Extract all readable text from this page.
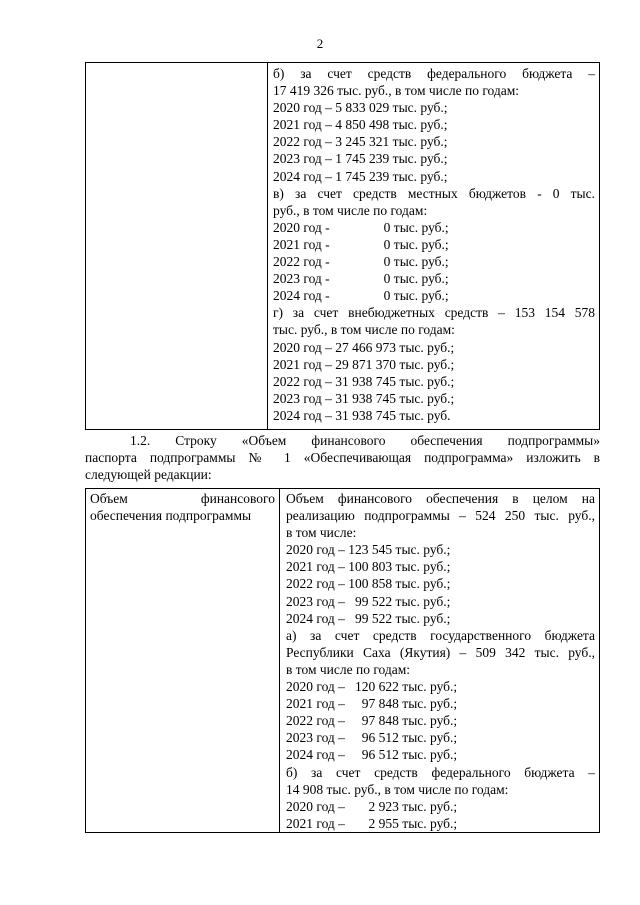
2
б) за счет средств федерального бюджета –
17 419 326 тыс. руб., в том числе по годам:
2020 год – 5 833 029 тыс. руб.;
2021 год – 4 850 498 тыс. руб.;
2022 год – 3 245 321 тыс. руб.;
2023 год – 1 745 239 тыс. руб.;
2024 год – 1 745 239 тыс. руб.;
в) за счет средств местных бюджетов - 0 тыс.
руб., в том числе по годам:
2020 год -                0 тыс. руб.;
2021 год -                0 тыс. руб.;
2022 год -                0 тыс. руб.;
2023 год -                0 тыс. руб.;
2024 год -                0 тыс. руб.;
г) за счет внебюджетных средств – 153 154 578
тыс. руб., в том числе по годам:
2020 год – 27 466 973 тыс. руб.;
2021 год – 29 871 370 тыс. руб.;
2022 год – 31 938 745 тыс. руб.;
2023 год – 31 938 745 тыс. руб.;
2024 год – 31 938 745 тыс. руб.
1.2. Строку «Объем финансового обеспечения подпрограммы»
паспорта подпрограммы № 1 «Обеспечивающая подпрограмма» изложить в
следующей редакции:
Объем финансового
обеспечения подпрограммы
Объем финансового обеспечения в целом на
реализацию подпрограммы – 524 250 тыс. руб.,
в том числе:
2020 год – 123 545 тыс. руб.;
2021 год – 100 803 тыс. руб.;
2022 год – 100 858 тыс. руб.;
2023 год –   99 522 тыс. руб.;
2024 год –   99 522 тыс. руб.;
а) за счет средств государственного бюджета
Республики Саха (Якутия) – 509 342 тыс. руб.,
в том числе по годам:
2020 год –   120 622 тыс. руб.;
2021 год –     97 848 тыс. руб.;
2022 год –     97 848 тыс. руб.;
2023 год –     96 512 тыс. руб.;
2024 год –     96 512 тыс. руб.;
б) за счет средств федерального бюджета –
14 908 тыс. руб., в том числе по годам:
2020 год –       2 923 тыс. руб.;
2021 год –       2 955 тыс. руб.;
